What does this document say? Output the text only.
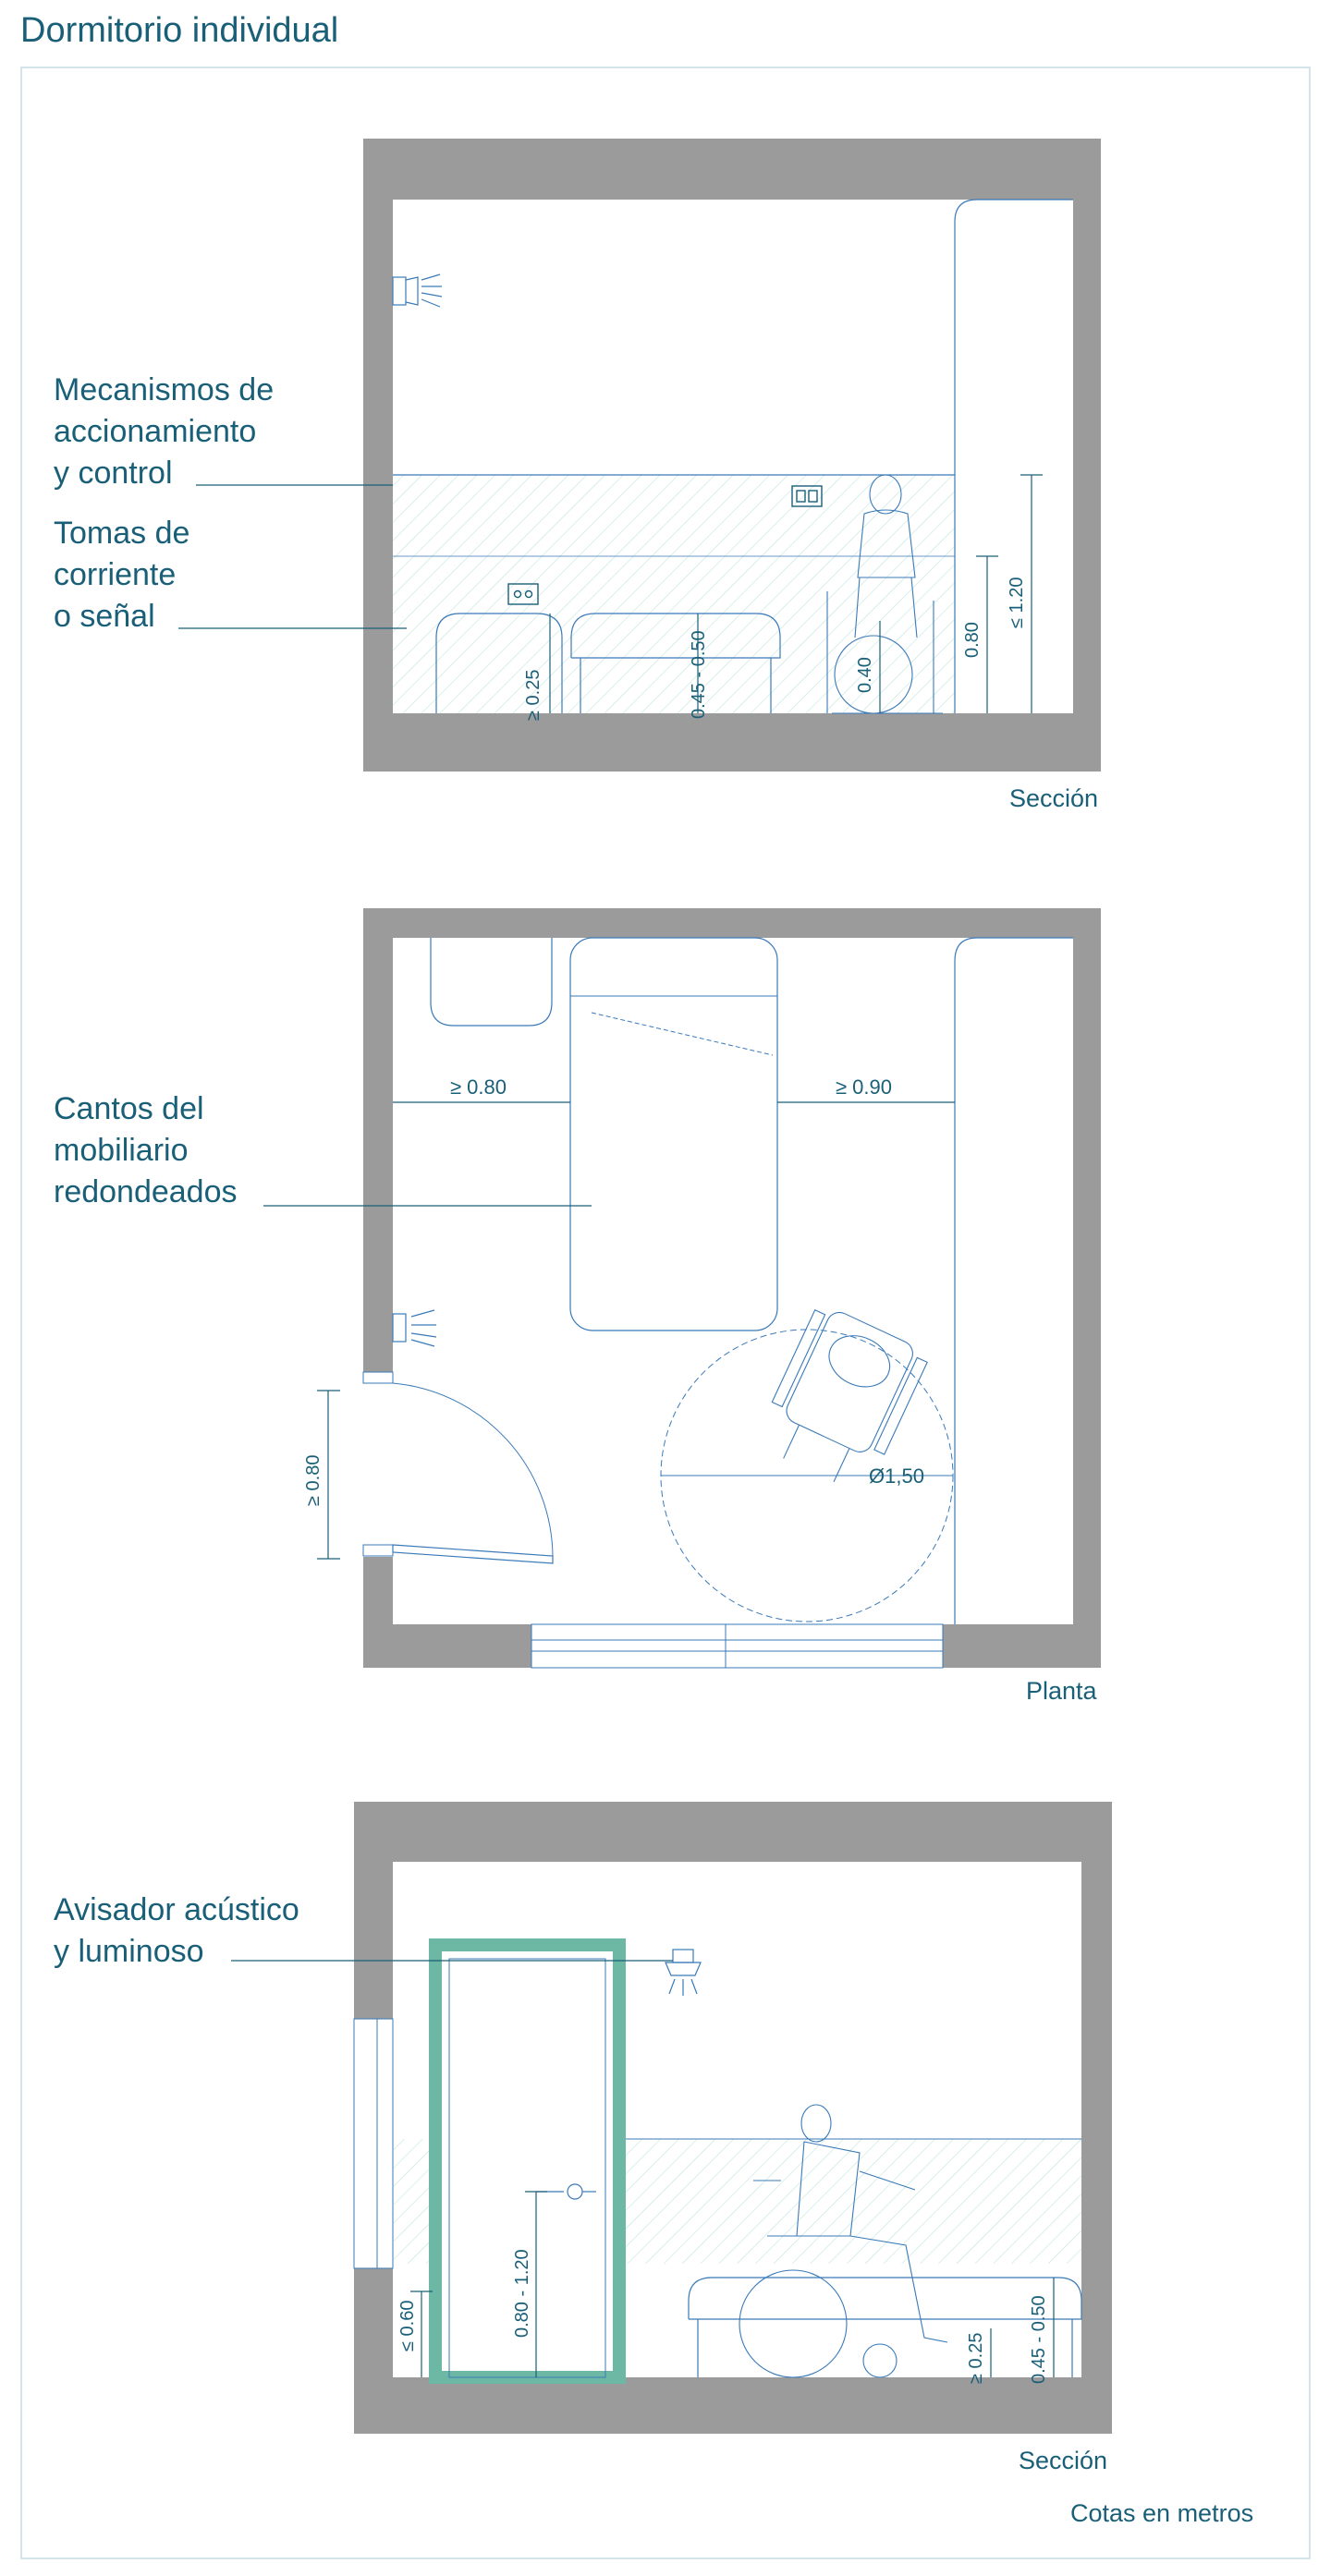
Dormitorio individual
≥ 0.25	0.45 - 0.50	0.40
0.80
≤ 1.20
≥ 0.80	≥ 0.90
≥ 0.80	Ø1,50
≤ 0.60	0.80 - 1.20
≥ 0.25 0.45 - 0.50
Mecanismos de
accionamiento
y control
Tomas de
corriente
o señal
Cantos del
mobiliario
redondeados
Avisador acústico
y luminoso
Sección
Planta
Sección
Cotas en metros
